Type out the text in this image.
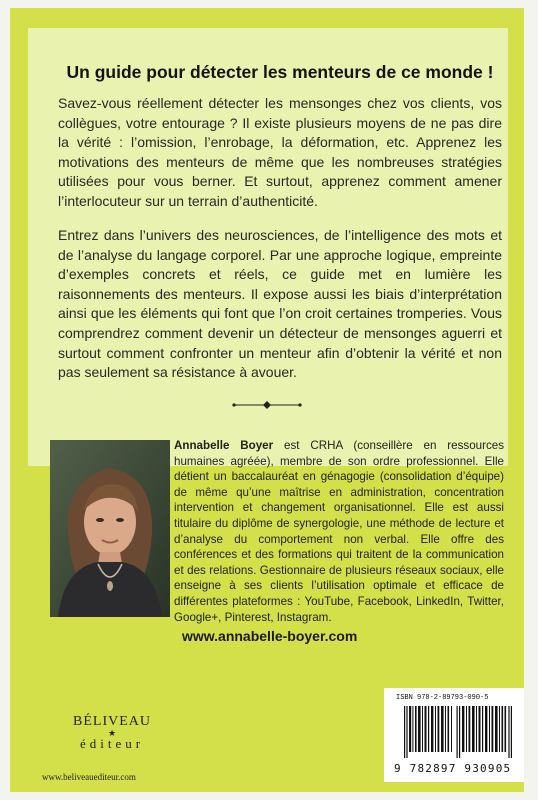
Un guide pour détecter les menteurs de ce monde !

Savez-vous réellement détecter les mensonges chez vos clients, vos collègues, votre entourage ? Il existe plusieurs moyens de ne pas dire la vérité : l’omission, l’enrobage, la déformation, etc. Apprenez les motivations des menteurs de même que les nombreuses stratégies utilisées pour vous berner. Et surtout, apprenez comment amener l’interlocuteur sur un terrain d’authenticité.

Entrez dans l’univers des neurosciences, de l’intelligence des mots et de l’analyse du langage corporel. Par une approche logique, empreinte d’exemples concrets et réels, ce guide met en lumière les raisonnements des menteurs. Il expose aussi les biais d’interprétation ainsi que les éléments qui font que l’on croit certaines tromperies. Vous comprendrez comment devenir un détecteur de mensonges aguerri et surtout comment confronter un menteur afin d’obtenir la vérité et non pas seulement sa résistance à avouer.

Annabelle Boyer est CRHA (conseillère en ressources humaines agréée), membre de son ordre professionnel. Elle détient un baccalauréat en génagogie (consolidation d’équipe) de même qu’une maîtrise en administration, concentration intervention et changement organisationnel. Elle est aussi titulaire du diplôme de synergologie, une méthode de lecture et d’analyse du comportement non verbal. Elle offre des conférences et des formations qui traitent de la communication et des relations. Gestionnaire de plusieurs réseaux sociaux, elle enseigne à ses clients l’utilisation optimale et efficace de différentes plateformes : YouTube, Facebook, LinkedIn, Twitter, Google+, Pinterest, Instagram.

www.annabelle-boyer.com

ISBN 978-2-89793-090-5
9 782897 930905
BÉLIVEAU
★
éditeur
www.beliveauediteur.com
